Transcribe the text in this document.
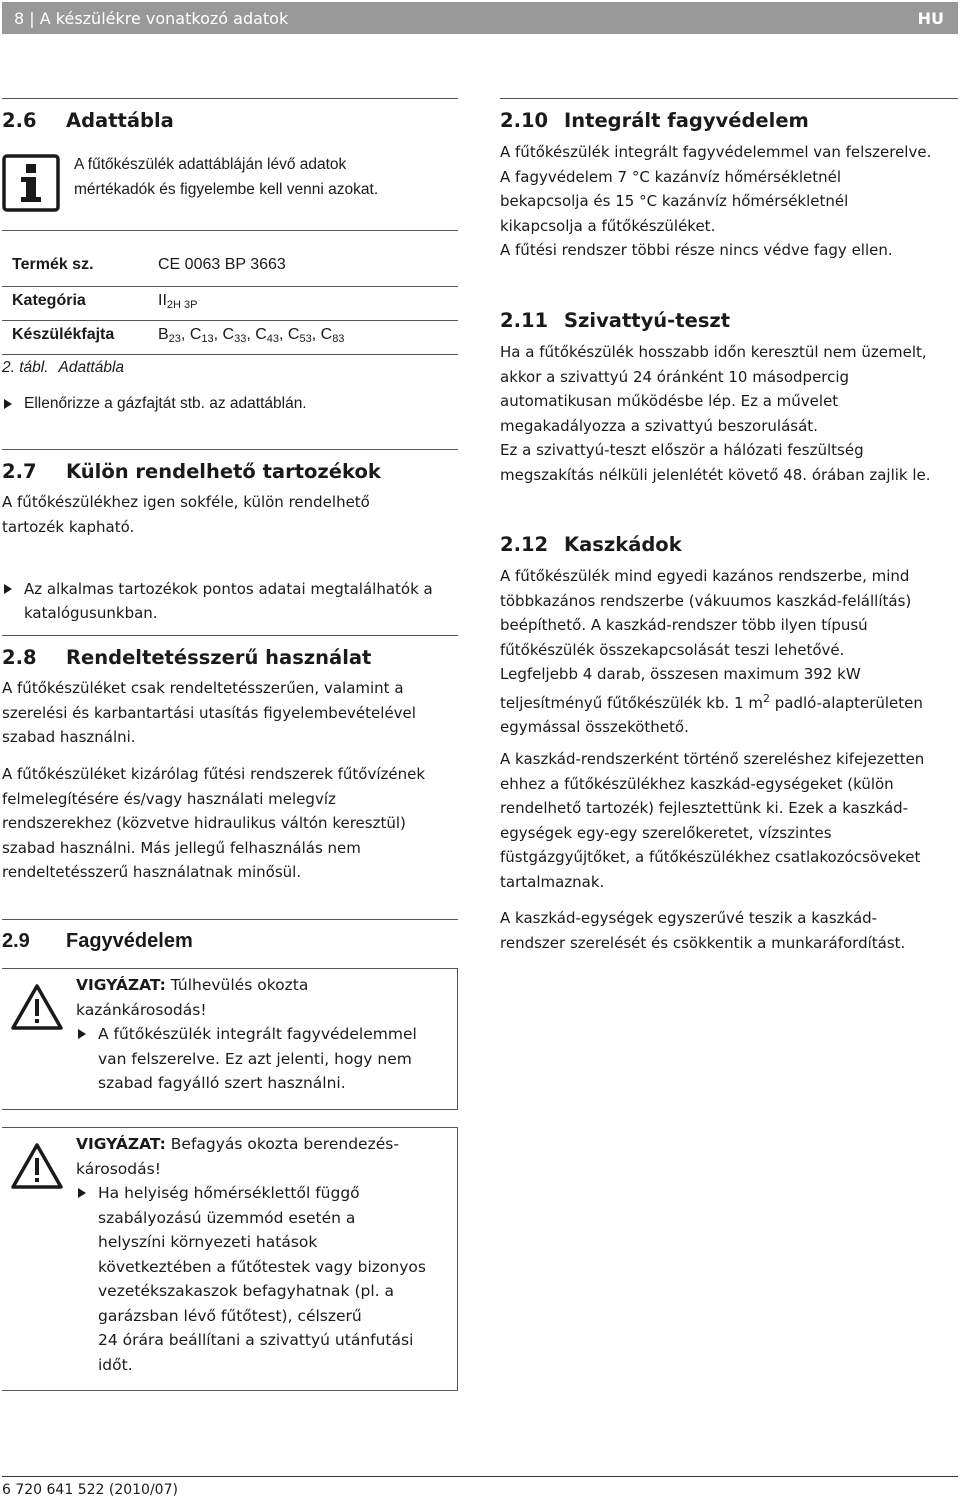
8 | A készülékre vonatkozó adatok	HU
2.6 Adattábla
A fűtőkészülék adattábláján lévő adatok
mértékadók és figyelembe kell venni azokat.
Termék sz.	CE 0063 BP 3663
Kategória	$II_{2H 3P}$
Készülékfajta	$B_{23}$, $C_{13}$, $C_{33}$, $C_{43}$, $C_{53}$, $C_{83}$
2. tábl. Adattábla
Ellenőrizze a gázfajtát stb. az adattáblán.
2.7 Külön rendelhető tartozékok
A fűtőkészülékhez igen sokféle, külön rendelhető
tartozék kapható.
Az alkalmas tartozékok pontos adatai megtalálhatók a
katalógusunkban.
2.8 Rendeltetésszerű használat
A fűtőkészüléket csak rendeltetésszerűen, valamint a
szerelési és karbantartási utasítás figyelembevételével
szabad használni.
A fűtőkészüléket kizárólag fűtési rendszerek fűtővízének
felmelegítésére és/vagy használati melegvíz
rendszerekhez (közvetve hidraulikus váltón keresztül)
szabad használni. Más jellegű felhasználás nem
rendeltetésszerű használatnak minősül.
2.9 Fagyvédelem
VIGYÁZAT: Túlhevülés okozta
kazánkárosodás!
A fűtőkészülék integrált fagyvédelemmel
van felszerelve. Ez azt jelenti, hogy nem
szabad fagyálló szert használni.
VIGYÁZAT: Befagyás okozta berendezés-
károsodás!
Ha helyiség hőmérséklettől függő
szabályozású üzemmód esetén a
helyszíni környezeti hatások
következtében a fűtőtestek vagy bizonyos
vezetékszakaszok befagyhatnak (pl. a
garázsban lévő fűtőtest), célszerű
24 órára beállítani a szivattyú utánfutási
időt.
2.10 Integrált fagyvédelem
A fűtőkészülék integrált fagyvédelemmel van felszerelve.
A fagyvédelem 7 °C kazánvíz hőmérsékletnél
bekapcsolja és 15 °C kazánvíz hőmérsékletnél
kikapcsolja a fűtőkészüléket.
A fűtési rendszer többi része nincs védve fagy ellen.
2.11 Szivattyú-teszt
Ha a fűtőkészülék hosszabb időn keresztül nem üzemelt,
akkor a szivattyú 24 óránként 10 másodpercig
automatikusan működésbe lép. Ez a művelet
megakadályozza a szivattyú beszorulását.
Ez a szivattyú-teszt először a hálózati feszültség
megszakítás nélküli jelenlétét követő 48. órában zajlik le.
2.12 Kaszkádok
A fűtőkészülék mind egyedi kazános rendszerbe, mind
többkazános rendszerbe (vákuumos kaszkád-felállítás)
beépíthető. A kaszkád-rendszer több ilyen típusú
fűtőkészülék összekapcsolását teszi lehetővé.
Legfeljebb 4 darab, összesen maximum 392 kW
teljesítményű fűtőkészülék kb. 1 $m^2$ padló-alapterületen
egymással összeköthető.
A kaszkád-rendszerként történő szereléshez kifejezetten
ehhez a fűtőkészülékhez kaszkád-egységeket (külön
rendelhető tartozék) fejlesztettünk ki. Ezek a kaszkád-
egységek egy-egy szerelőkeretet, vízszintes
füstgázgyűjtőket, a fűtőkészülékhez csatlakozócsöveket
tartalmaznak.
A kaszkád-egységek egyszerűvé teszik a kaszkád-
rendszer szerelését és csökkentik a munkaráfordítást.
6 720 641 522 (2010/07)
